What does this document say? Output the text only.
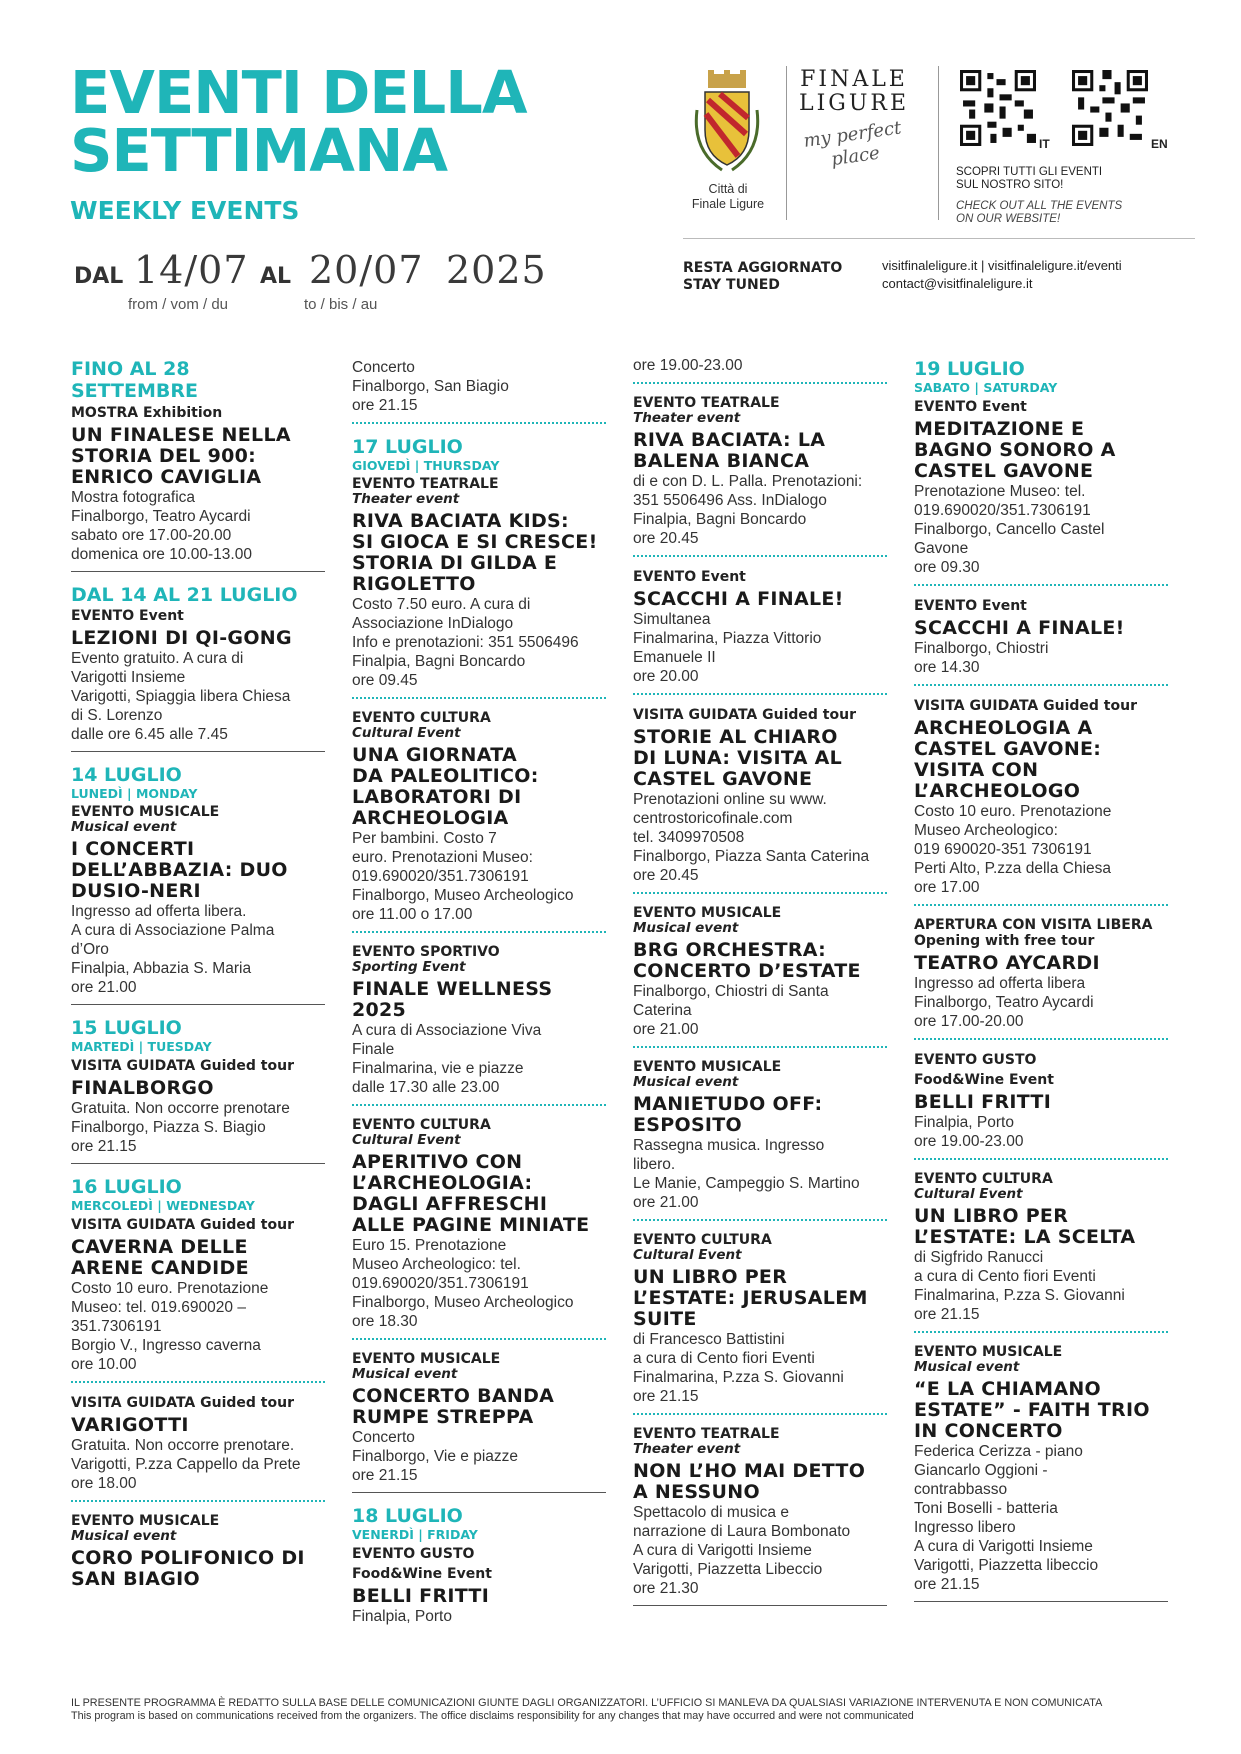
EVENTI DELLA
SETTIMANA
WEEKLY EVENTS
DAL 14/07 AL 20/07 2025
from / vom / du	to / bis / au
Città di
Finale Ligure
FINALE
LIGURE
my perfect place	IT	EN
SCOPRI TUTTI GLI EVENTI
SUL NOSTRO SITO!
CHECK OUT ALL THE EVENTS
ON OUR WEBSITE!
RESTA AGGIORNATO
STAY TUNED
visitfinaleligure.it | visitfinaleligure.it/eventi
contact@visitfinaleligure.it
FINO AL 28
SETTEMBRE
MOSTRA Exhibition
UN FINALESE NELLA
STORIA DEL 900:
ENRICO CAVIGLIA
Mostra fotografica
Finalborgo, Teatro Aycardi
sabato ore 17.00-20.00
domenica ore 10.00-13.00
DAL 14 AL 21 LUGLIO
EVENTO Event
LEZIONI DI QI-GONG
Evento gratuito. A cura di
Varigotti Insieme
Varigotti, Spiaggia libera Chiesa
di S. Lorenzo
dalle ore 6.45 alle 7.45
14 LUGLIO
LUNEDÌ | MONDAY
EVENTO MUSICALE
Musical event
I CONCERTI
DELL’ABBAZIA: DUO
DUSIO-NERI
Ingresso ad offerta libera.
A cura di Associazione Palma
d’Oro
Finalpia, Abbazia S. Maria
ore 21.00
15 LUGLIO
MARTEDÌ | TUESDAY
VISITA GUIDATA Guided tour
FINALBORGO
Gratuita. Non occorre prenotare
Finalborgo, Piazza S. Biagio
ore 21.15
16 LUGLIO
MERCOLEDÌ | WEDNESDAY
VISITA GUIDATA Guided tour
CAVERNA DELLE
ARENE CANDIDE
Costo 10 euro. Prenotazione
Museo: tel. 019.690020 –
351.7306191
Borgio V., Ingresso caverna
ore 10.00
VISITA GUIDATA Guided tour
VARIGOTTI
Gratuita. Non occorre prenotare.
Varigotti, P.zza Cappello da Prete
ore 18.00
EVENTO MUSICALE
Musical event
CORO POLIFONICO DI
SAN BIAGIO
Concerto
Finalborgo, San Biagio
ore 21.15
17 LUGLIO
GIOVEDÌ | THURSDAY
EVENTO TEATRALE
Theater event
RIVA BACIATA KIDS:
SI GIOCA E SI CRESCE!
STORIA DI GILDA E
RIGOLETTO
Costo 7.50 euro. A cura di
Associazione InDialogo
Info e prenotazioni: 351 5506496
Finalpia, Bagni Boncardo
ore 09.45
EVENTO CULTURA
Cultural Event
UNA GIORNATA
DA PALEOLITICO:
LABORATORI DI
ARCHEOLOGIA
Per bambini. Costo 7
euro. Prenotazioni Museo:
019.690020/351.7306191
Finalborgo, Museo Archeologico
ore 11.00 o 17.00
EVENTO SPORTIVO
Sporting Event
FINALE WELLNESS
2025
A cura di Associazione Viva
Finale
Finalmarina, vie e piazze
dalle 17.30 alle 23.00
EVENTO CULTURA
Cultural Event
APERITIVO CON
L’ARCHEOLOGIA:
DAGLI AFFRESCHI
ALLE PAGINE MINIATE
Euro 15. Prenotazione
Museo Archeologico: tel.
019.690020/351.7306191
Finalborgo, Museo Archeologico
ore 18.30
EVENTO MUSICALE
Musical event
CONCERTO BANDA
RUMPE STREPPA
Concerto
Finalborgo, Vie e piazze
ore 21.15
18 LUGLIO
VENERDÌ | FRIDAY
EVENTO GUSTO
Food&Wine Event
BELLI FRITTI
Finalpia, Porto
ore 19.00-23.00
EVENTO TEATRALE
Theater event
RIVA BACIATA: LA
BALENA BIANCA
di e con D. L. Palla. Prenotazioni:
351 5506496 Ass. InDialogo
Finalpia, Bagni Boncardo
ore 20.45
EVENTO Event
SCACCHI A FINALE!
Simultanea
Finalmarina, Piazza Vittorio
Emanuele II
ore 20.00
VISITA GUIDATA Guided tour
STORIE AL CHIARO
DI LUNA: VISITA AL
CASTEL GAVONE
Prenotazioni online su www.
centrostoricofinale.com
tel. 3409970508
Finalborgo, Piazza Santa Caterina
ore 20.45
EVENTO MUSICALE
Musical event
BRG ORCHESTRA:
CONCERTO D’ESTATE
Finalborgo, Chiostri di Santa
Caterina
ore 21.00
EVENTO MUSICALE
Musical event
MANIETUDO OFF:
ESPOSITO
Rassegna musica. Ingresso
libero.
Le Manie, Campeggio S. Martino
ore 21.00
EVENTO CULTURA
Cultural Event
UN LIBRO PER
L’ESTATE: JERUSALEM
SUITE
di Francesco Battistini
a cura di Cento fiori Eventi
Finalmarina, P.zza S. Giovanni
ore 21.15
EVENTO TEATRALE
Theater event
NON L’HO MAI DETTO
A NESSUNO
Spettacolo di musica e
narrazione di Laura Bombonato
A cura di Varigotti Insieme
Varigotti, Piazzetta Libeccio
ore 21.30
19 LUGLIO
SABATO | SATURDAY
EVENTO Event
MEDITAZIONE E
BAGNO SONORO A
CASTEL GAVONE
Prenotazione Museo: tel.
019.690020/351.7306191
Finalborgo, Cancello Castel
Gavone
ore 09.30
EVENTO Event
SCACCHI A FINALE!
Finalborgo, Chiostri
ore 14.30
VISITA GUIDATA Guided tour
ARCHEOLOGIA A
CASTEL GAVONE:
VISITA CON
L’ARCHEOLOGO
Costo 10 euro. Prenotazione
Museo Archeologico:
019 690020-351 7306191
Perti Alto, P.zza della Chiesa
ore 17.00
APERTURA CON VISITA LIBERA
Opening with free tour
TEATRO AYCARDI
Ingresso ad offerta libera
Finalborgo, Teatro Aycardi
ore 17.00-20.00
EVENTO GUSTO
Food&Wine Event
BELLI FRITTI
Finalpia, Porto
ore 19.00-23.00
EVENTO CULTURA
Cultural Event
UN LIBRO PER
L’ESTATE: LA SCELTA
di Sigfrido Ranucci
a cura di Cento fiori Eventi
Finalmarina, P.zza S. Giovanni
ore 21.15
EVENTO MUSICALE
Musical event
“E LA CHIAMANO
ESTATE” - FAITH TRIO
IN CONCERTO
Federica Cerizza - piano
Giancarlo Oggioni -
contrabbasso
Toni Boselli - batteria
Ingresso libero
A cura di Varigotti Insieme
Varigotti, Piazzetta libeccio
ore 21.15
IL PRESENTE PROGRAMMA È REDATTO SULLA BASE DELLE COMUNICAZIONI GIUNTE DAGLI ORGANIZZATORI. L’UFFICIO SI MANLEVA DA QUALSIASI VARIAZIONE INTERVENUTA E NON COMUNICATA
This program is based on communications received from the organizers. The office disclaims responsibility for any changes that may have occurred and were not communicated
